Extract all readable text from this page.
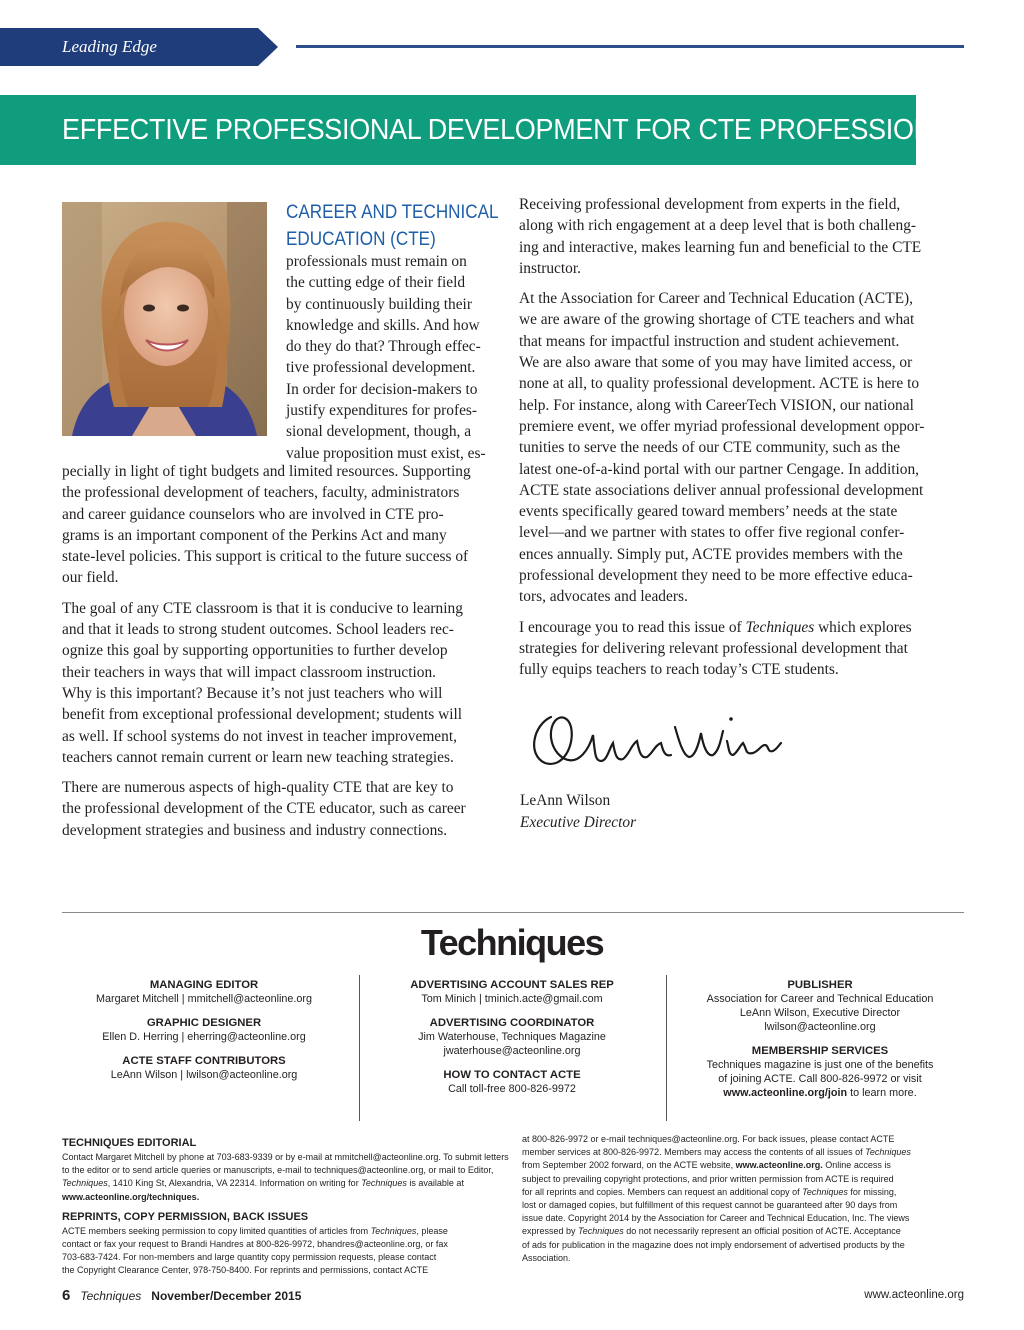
Leading Edge
EFFECTIVE PROFESSIONAL DEVELOPMENT FOR CTE PROFESSIONALS
CAREER AND TECHNICAL
EDUCATION (CTE)
professionals must remain on
the cutting edge of their field
by continuously building their
knowledge and skills. And how
do they do that? Through effec-
tive professional development.
In order for decision-makers to
justify expenditures for profes-
sional development, though, a
value proposition must exist, es-
pecially in light of tight budgets and limited resources. Supporting
the professional development of teachers, faculty, administrators
and career guidance counselors who are involved in CTE pro-
grams is an important component of the Perkins Act and many
state-level policies. This support is critical to the future success of
our field.
The goal of any CTE classroom is that it is conducive to learning
and that it leads to strong student outcomes. School leaders rec-
ognize this goal by supporting opportunities to further develop
their teachers in ways that will impact classroom instruction.
Why is this important? Because it’s not just teachers who will
benefit from exceptional professional development; students will
as well. If school systems do not invest in teacher improvement,
teachers cannot remain current or learn new teaching strategies.
There are numerous aspects of high-quality CTE that are key to
the professional development of the CTE educator, such as career
development strategies and business and industry connections.
Receiving professional development from experts in the field,
along with rich engagement at a deep level that is both challeng-
ing and interactive, makes learning fun and beneficial to the CTE
instructor.
At the Association for Career and Technical Education (ACTE),
we are aware of the growing shortage of CTE teachers and what
that means for impactful instruction and student achievement.
We are also aware that some of you may have limited access, or
none at all, to quality professional development. ACTE is here to
help. For instance, along with CareerTech VISION, our national
premiere event, we offer myriad professional development oppor-
tunities to serve the needs of our CTE community, such as the
latest one-of-a-kind portal with our partner Cengage. In addition,
ACTE state associations deliver annual professional development
events specifically geared toward members’ needs at the state
level—and we partner with states to offer five regional confer-
ences annually. Simply put, ACTE provides members with the
professional development they need to be more effective educa-
tors, advocates and leaders.
I encourage you to read this issue of Techniques which explores
strategies for delivering relevant professional development that
fully equips teachers to reach today’s CTE students.
LeAnn Wilson
Executive Director
Techniques
MANAGING EDITOR
Margaret Mitchell | mmitchell@acteonline.org
GRAPHIC DESIGNER
Ellen D. Herring | eherring@acteonline.org
ACTE STAFF CONTRIBUTORS
LeAnn Wilson | lwilson@acteonline.org
ADVERTISING ACCOUNT SALES REP
Tom Minich | tminich.acte@gmail.com
ADVERTISING COORDINATOR
Jim Waterhouse, Techniques Magazine
jwaterhouse@acteonline.org
HOW TO CONTACT ACTE
Call toll-free 800-826-9972
PUBLISHER
Association for Career and Technical Education
LeAnn Wilson, Executive Director
lwilson@acteonline.org
MEMBERSHIP SERVICES
Techniques magazine is just one of the benefits
of joining ACTE. Call 800-826-9972 or visit
www.acteonline.org/join to learn more.
TECHNIQUES EDITORIAL
Contact Margaret Mitchell by phone at 703-683-9339 or by e-mail at mmitchell@acteonline.org. To submit letters
to the editor or to send article queries or manuscripts, e-mail to techniques@acteonline.org, or mail to Editor,
Techniques, 1410 King St, Alexandria, VA 22314. Information on writing for Techniques is available at
www.acteonline.org/techniques.
REPRINTS, COPY PERMISSION, BACK ISSUES
ACTE members seeking permission to copy limited quantities of articles from Techniques, please
contact or fax your request to Brandi Handres at 800-826-9972, bhandres@acteonline.org, or fax
703-683-7424. For non-members and large quantity copy permission requests, please contact
the Copyright Clearance Center, 978-750-8400. For reprints and permissions, contact ACTE
at 800-826-9972 or e-mail techniques@acteonline.org. For back issues, please contact ACTE
member services at 800-826-9972. Members may access the contents of all issues of Techniques
from September 2002 forward, on the ACTE website, www.acteonline.org. Online access is
subject to prevailing copyright protections, and prior written permission from ACTE is required
for all reprints and copies. Members can request an additional copy of Techniques for missing,
lost or damaged copies, but fulfillment of this request cannot be guaranteed after 90 days from
issue date. Copyright 2014 by the Association for Career and Technical Education, Inc. The views
expressed by Techniques do not necessarily represent an official position of ACTE. Acceptance
of ads for publication in the magazine does not imply endorsement of advertised products by the
Association.
6 Techniques November/December 2015	www.acteonline.org
